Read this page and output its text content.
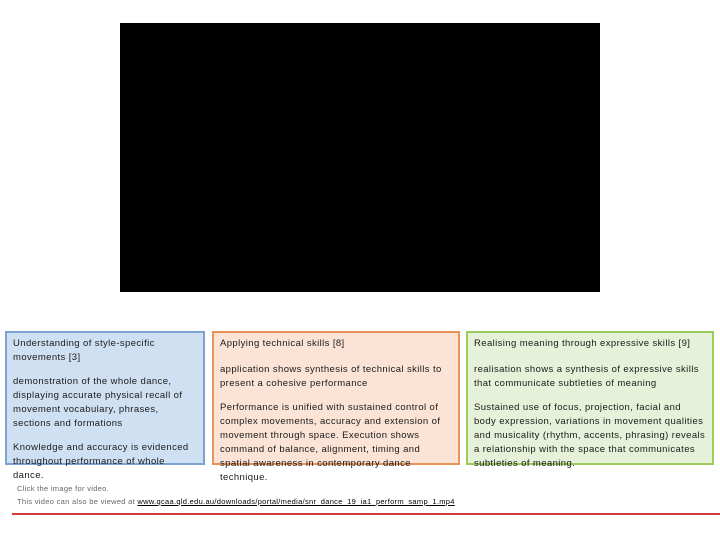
Understanding of style-specific movements [3]

demonstration of the whole dance, displaying accurate physical recall of movement vocabulary, phrases, sections and formations

Knowledge and accuracy is evidenced throughout performance of whole dance.

Applying technical skills [8]

application shows synthesis of technical skills to present a cohesive performance

Performance is unified with sustained control of complex movements, accuracy and extension of movement through space. Execution shows command of balance, alignment, timing and spatial awareness in contemporary dance technique.

Realising meaning through expressive skills [9]

realisation shows a synthesis of expressive skills that communicate subtleties of meaning

Sustained use of focus, projection, facial and body expression, variations in movement qualities and musicality (rhythm, accents, phrasing) reveals a relationship with the space that communicates subtleties of meaning.

Click the image for video.
This video can also be viewed at www.qcaa.qld.edu.au/downloads/portal/media/snr_dance_19_ia1_perform_samp_1.mp4
